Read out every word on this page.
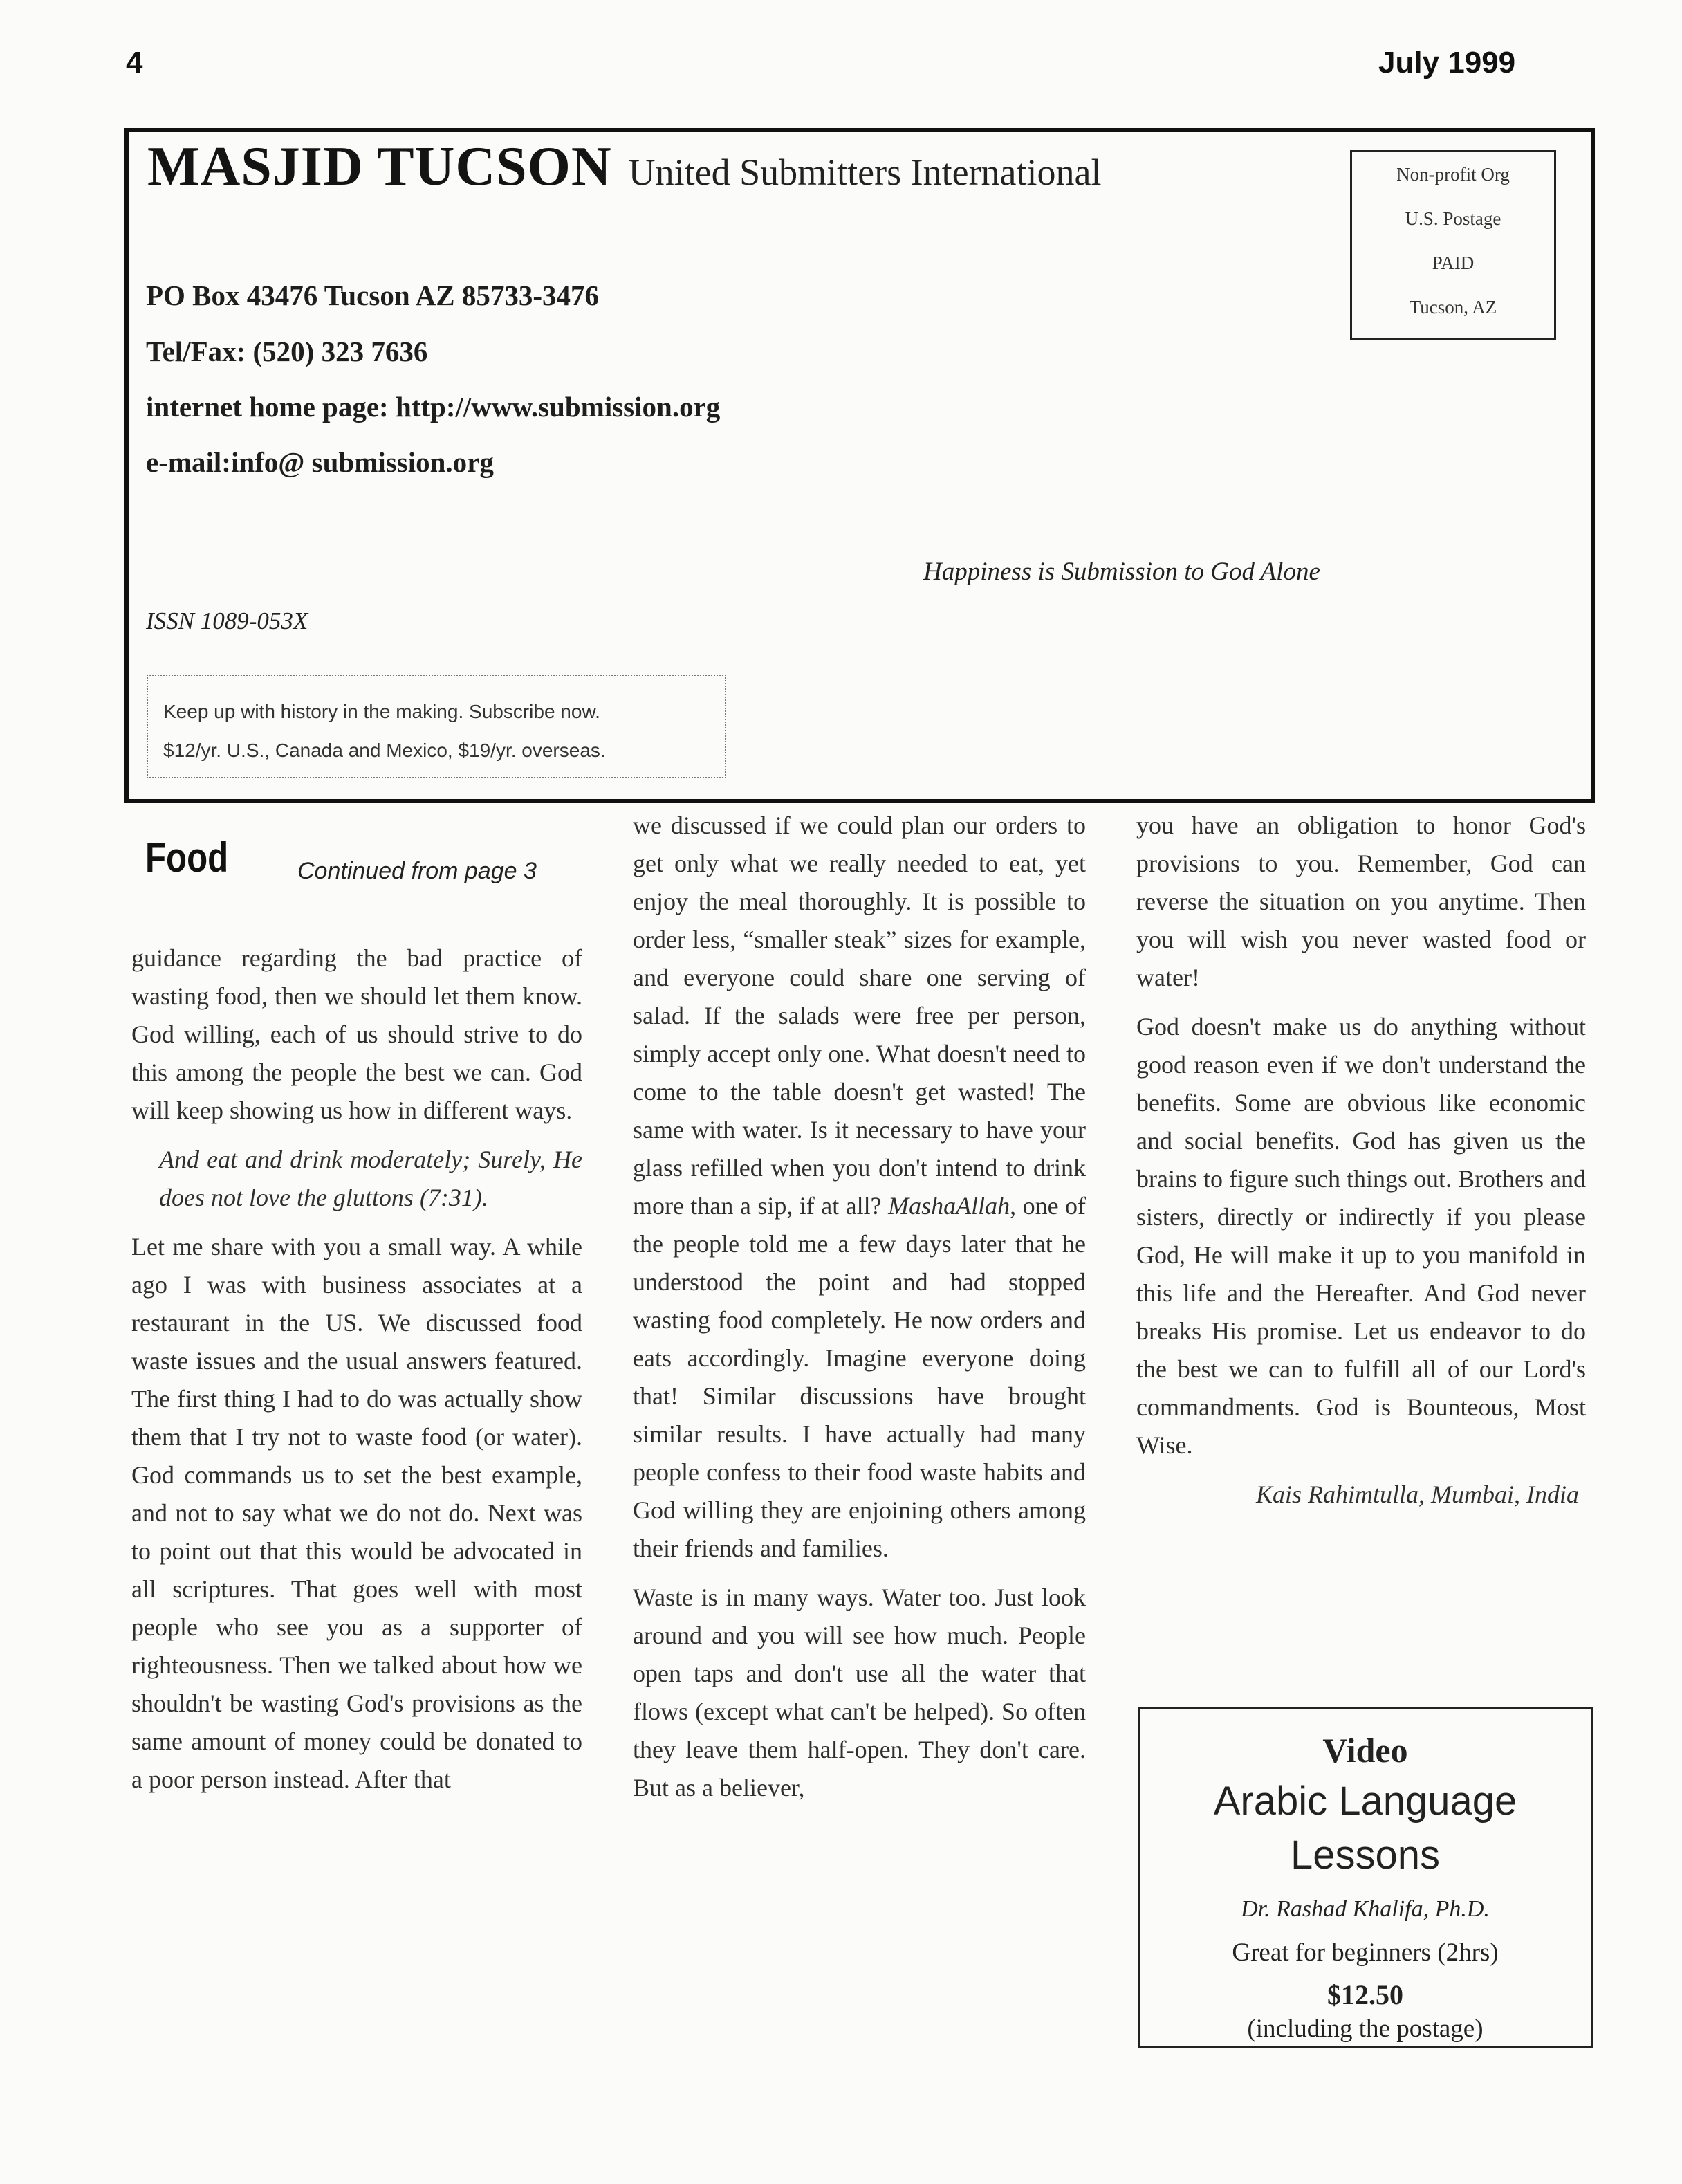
4	July 1999
MASJID TUCSON United Submitters International	Non-profit Org
U.S. Postage
PAID
Tucson, AZ
PO Box 43476 Tucson AZ 85733-3476
Tel/Fax: (520) 323 7636
internet home page: http://www.submission.org
e-mail:info@ submission.org
Happiness is Submission to God Alone
ISSN 1089-053X
Keep up with history in the making. Subscribe now.
$12/yr. U.S., Canada and Mexico, $19/yr. overseas.
Food	Continued from page 3

guidance regarding the bad practice of wasting food, then we should let them know. God willing, each of us should strive to do this among the people the best we can. God will keep showing us how in different ways.

And eat and drink moderately; Surely, He does not love the gluttons (7:31).

Let me share with you a small way. A while ago I was with business associates at a restaurant in the US. We discussed food waste issues and the usual answers featured. The first thing I had to do was actually show them that I try not to waste food (or water). God commands us to set the best example, and not to say what we do not do. Next was to point out that this would be advocated in all scriptures. That goes well with most people who see you as a supporter of righteousness. Then we talked about how we shouldn't be wasting God's provisions as the same amount of money could be donated to a poor person instead. After that

we discussed if we could plan our orders to get only what we really needed to eat, yet enjoy the meal thoroughly. It is possible to order less, “smaller steak” sizes for example, and everyone could share one serving of salad. If the salads were free per person, simply accept only one. What doesn't need to come to the table doesn't get wasted! The same with water. Is it necessary to have your glass refilled when you don't intend to drink more than a sip, if at all? MashaAllah, one of the people told me a few days later that he understood the point and had stopped wasting food completely. He now orders and eats accordingly. Imagine everyone doing that! Similar discussions have brought similar results. I have actually had many people confess to their food waste habits and God willing they are enjoining others among their friends and families.

Waste is in many ways. Water too. Just look around and you will see how much. People open taps and don't use all the water that flows (except what can't be helped). So often they leave them half-open. They don't care. But as a believer,

you have an obligation to honor God's provisions to you. Remember, God can reverse the situation on you anytime. Then you will wish you never wasted food or water!

God doesn't make us do anything without good reason even if we don't understand the benefits. Some are obvious like economic and social benefits. God has given us the brains to figure such things out. Brothers and sisters, directly or indirectly if you please God, He will make it up to you manifold in this life and the Hereafter. And God never breaks His promise. Let us endeavor to do the best we can to fulfill all of our Lord's commandments. God is Bounteous, Most Wise.

Kais Rahimtulla, Mumbai, India

Video
Arabic Language
Lessons
Dr. Rashad Khalifa, Ph.D.
Great for beginners (2hrs)
$12.50
(including the postage)
